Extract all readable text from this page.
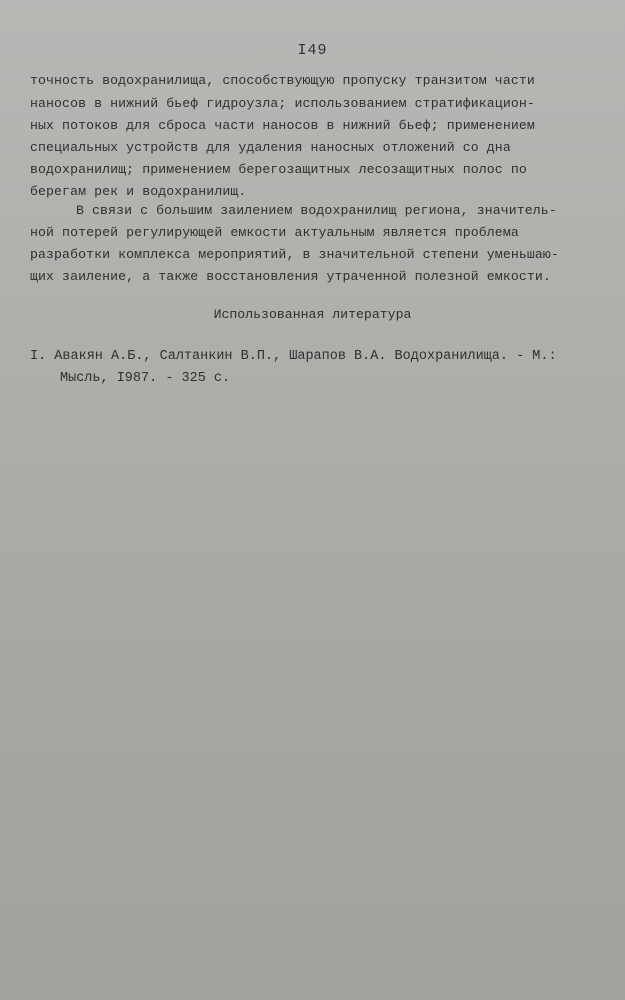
I49
точность водохранилища, способствующую пропуску транзитом части
наносов в нижний бьеф гидроузла; использованием стратификацион-
ных потоков для сброса части наносов в нижний бьеф; применением
специальных устройств для удаления наносных отложений со дна
водохранилищ; применением берегозащитных лесозащитных полос по
берегам рек и водохранилищ.
В связи с большим заилением водохранилищ региона, значитель-
ной потерей регулирующей емкости актуальным является проблема
разработки комплекса мероприятий, в значительной степени уменьшаю-
щих заиление, а также восстановления утраченной полезной емкости.
Использованная литература
I. Авакян А.Б., Салтанкин В.П., Шарапов В.А. Водохранилища. - М.:
Мысль, I987. - 325 с.
